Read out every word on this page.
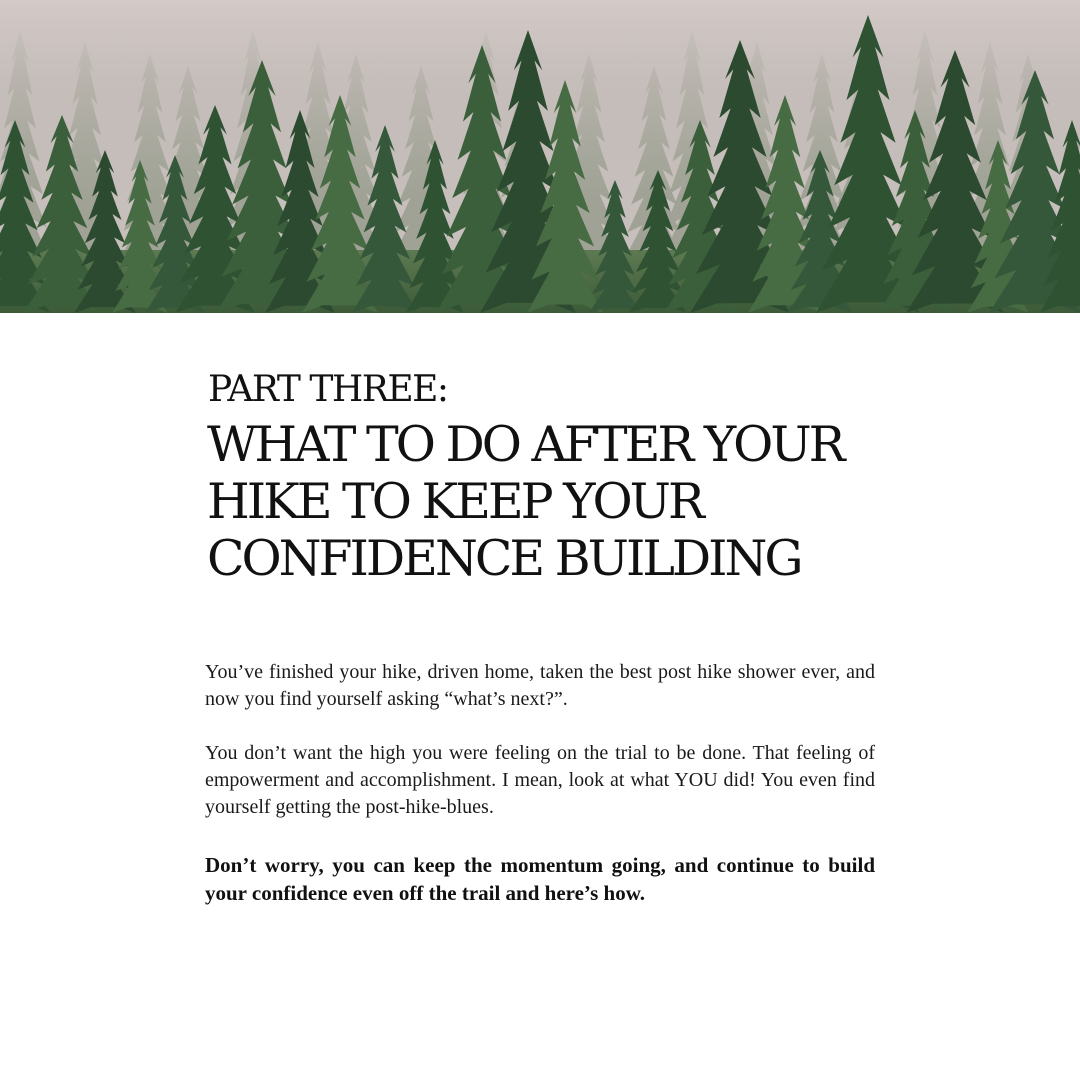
PART THREE:
WHAT TO DO AFTER YOUR HIKE TO KEEP YOUR CONFIDENCE BUILDING

You’ve finished your hike, driven home, taken the best post hike shower ever, and now you find yourself asking “what’s next?”.

You don’t want the high you were feeling on the trial to be done. That feeling of empowerment and accomplishment. I mean, look at what YOU did! You even find yourself getting the post-hike-blues.

Don’t worry, you can keep the momentum going, and continue to build your confidence even off the trail and here’s how.
